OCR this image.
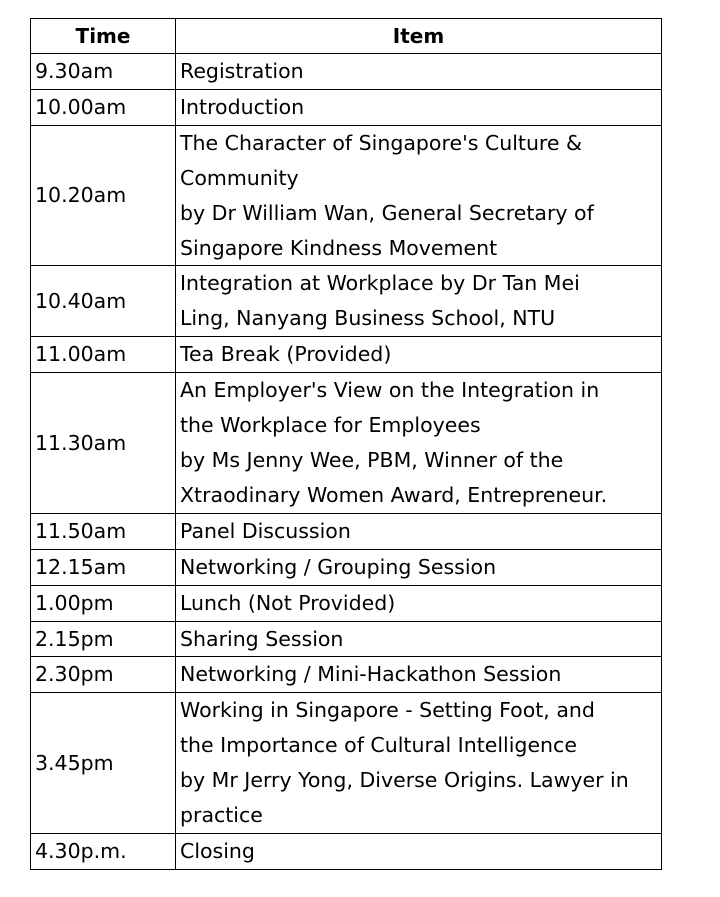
Time	Item
9.30am	Registration

10.00am	Introduction

10.20am	The Character of Singapore's Culture &
Community
by Dr William Wan, General Secretary of
Singapore Kindness Movement

10.40am	Integration at Workplace by Dr Tan Mei
Ling, Nanyang Business School, NTU

11.00am	Tea Break (Provided)

11.30am	An Employer's View on the Integration in
the Workplace for Employees
by Ms Jenny Wee, PBM, Winner of the
Xtraodinary Women Award, Entrepreneur.

11.50am	Panel Discussion

12.15am	Networking / Grouping Session

1.00pm	Lunch (Not Provided)

2.15pm	Sharing Session

2.30pm	Networking / Mini-Hackathon Session

3.45pm	Working in Singapore - Setting Foot, and
the Importance of Cultural Intelligence
by Mr Jerry Yong, Diverse Origins. Lawyer in
practice

4.30p.m.	Closing
